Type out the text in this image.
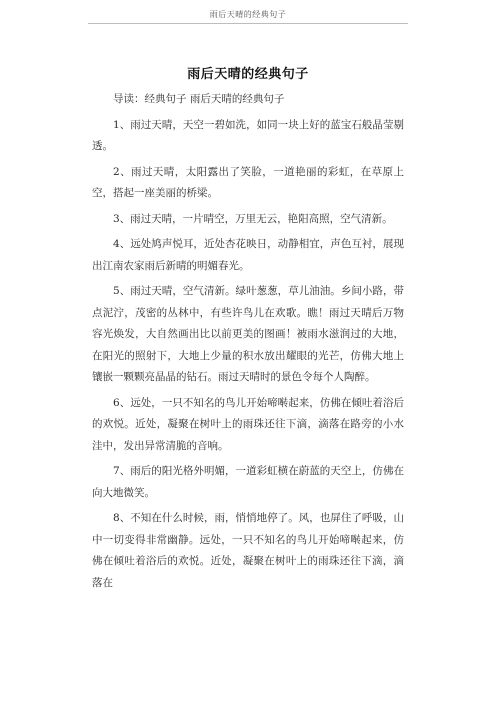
雨后天晴的经典句子
雨后天晴的经典句子

导读：经典句子 雨后天晴的经典句子

1、雨过天晴，天空一碧如洗，如同一块上好的蓝宝石般晶莹剔透。

2、雨过天晴，太阳露出了笑脸，一道艳丽的彩虹，在草原上空，搭起一座美丽的桥梁。

3、雨过天晴，一片晴空，万里无云，艳阳高照，空气清新。

4、远处鸠声悦耳，近处杏花映日，动静相宜，声色互衬，展现出江南农家雨后新晴的明媚春光。

5、雨过天晴，空气清新。绿叶葱葱，草儿油油。乡间小路，带点泥泞，茂密的丛林中，有些许鸟儿在欢歌。瞧！雨过天晴后万物容光焕发，大自然画出比以前更美的图画！被雨水滋润过的大地，在阳光的照射下，大地上少量的积水放出耀眼的光芒，仿佛大地上镶嵌一颗颗亮晶晶的钻石。雨过天晴时的景色令每个人陶醉。

6、远处，一只不知名的鸟儿开始啼啭起来，仿佛在倾吐着浴后的欢悦。近处，凝聚在树叶上的雨珠还往下滴，滴落在路旁的小水洼中，发出异常清脆的音响。

7、雨后的阳光格外明媚，一道彩虹横在蔚蓝的天空上，仿佛在向大地微笑。

8、不知在什么时候，雨，悄悄地停了。风，也屏住了呼吸，山中一切变得非常幽静。远处，一只不知名的鸟儿开始啼啭起来，仿佛在倾吐着浴后的欢悦。近处，凝聚在树叶上的雨珠还往下滴，滴落在
